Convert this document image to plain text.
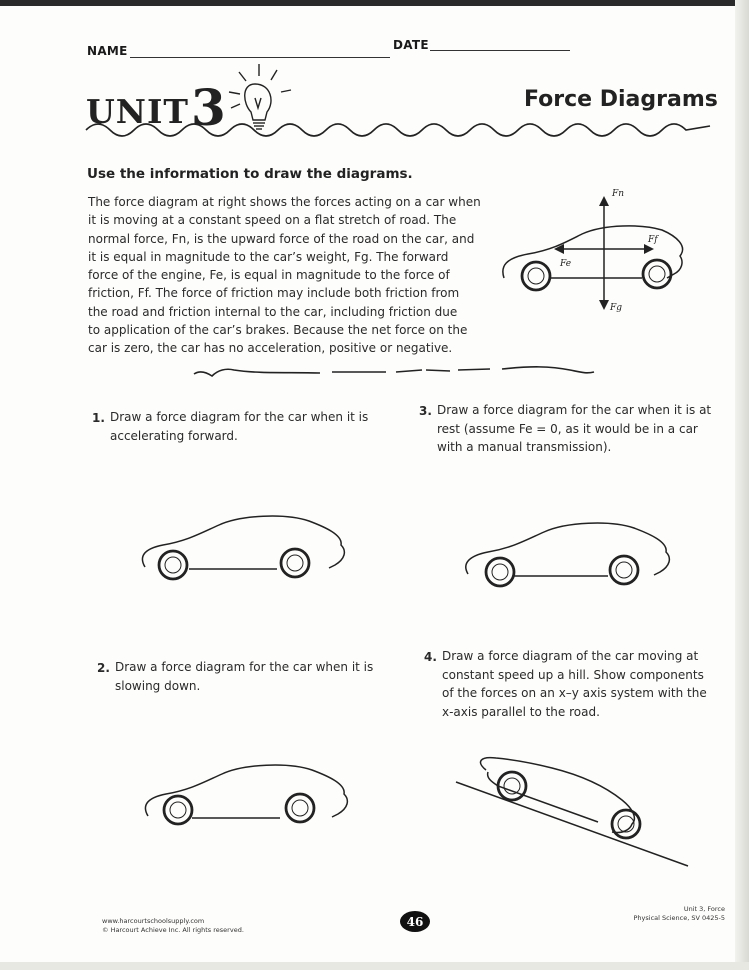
NAME	DATE
UNIT 3	Force Diagrams
Use the information to draw the diagrams.
The force diagram at right shows the forces acting on a car when
it is moving at a constant speed on a flat stretch of road. The
normal force, Fn, is the upward force of the road on the car, and
it is equal in magnitude to the car’s weight, Fg. The forward
force of the engine, Fe, is equal in magnitude to the force of
friction, Ff. The force of friction may include both friction from
the road and friction internal to the car, including friction due
to application of the car’s brakes. Because the net force on the
car is zero, the car has no acceleration, positive or negative.
Fn
Fg
Fe
Ff
1. Draw a force diagram for the car when it is
accelerating forward.
3. Draw a force diagram for the car when it is at
rest (assume Fe = 0, as it would be in a car
with a manual transmission).
2. Draw a force diagram for the car when it is
slowing down.
4. Draw a force diagram of the car moving at
constant speed up a hill. Show components
of the forces on an x–y axis system with the
x-axis parallel to the road.
www.harcourtschoolsupply.com
© Harcourt Achieve Inc. All rights reserved.
46
Unit 3, Force
Physical Science, SV 0425-5
